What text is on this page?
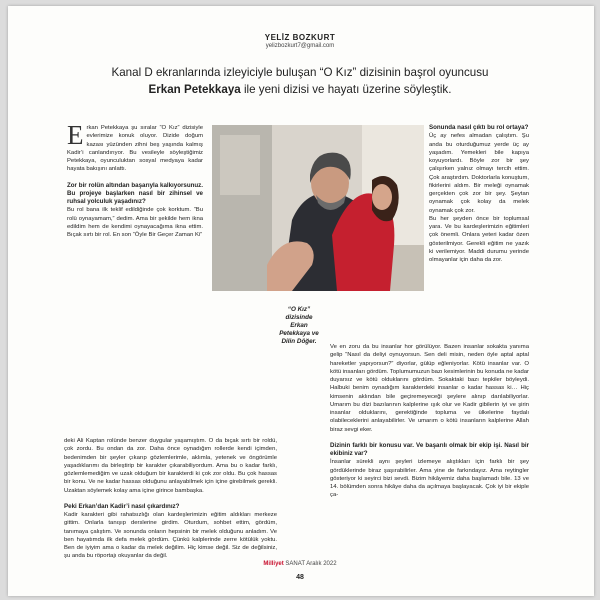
YELİZ BOZKURT
yelizbozkurt7@gmail.com
Kanal D ekranlarında izleyiciyle buluşan “O Kız” dizisinin başrol oyuncusu
Erkan Petekkaya ile yeni dizisi ve hayatı üzerine söyleştik.

Erkan Petekkaya şu sıralar “O Kız” dizisiyle evlerimize konuk oluyor. Dizide doğum kazası yüzünden zihni beş yaşında kalmış Kadir’i canlandırıyor. Bu vesileyle söyleştiğimiz Petekkaya, oyunculuktan sosyal medyaya kadar hayata bakışını anlattı.

Zor bir rolün altından başarıyla kalkıyorsunuz. Bu projeye başlarken nasıl bir zihinsel ve ruhsal yolculuk yaşadınız?

Bu rol bana ilk teklif edildiğinde çok korktum. “Bu rolü oynayamam,” dedim. Ama bir şekilde hem ikna edildim hem de kendimi oynayacağıma ikna ettim. Bıçak sırtı bir rol. En son “Öyle Bir Geçer Zaman Ki”

“O Kız”
dizisinde
Erkan
Petekkaya ve
Dilin Döğer.

deki Ali Kaptan rolünde benzer duygular yaşamıştım. O da bıçak sırtı bir roldü, çok zordu. Bu ondan da zor. Daha önce oynadığım rollerde kendi içimden, bedenimden bir şeyler çıkarıp gözlemlerimle, aklımla, yetenek ve öngörümle yaşadıklarımı da birleştirip bir karakter çıkarabiliyordum. Ama bu o kadar farklı, gözlemlemediğim ve uzak olduğum bir karakterdi ki çok zor oldu. Bu çok hassas bir konu. Ve ne kadar hassas olduğunu anlayabilmek için içine girebilmek gerekli. Uzaktan söylemek kolay ama içine girince bambaşka.

Peki Erkan’dan Kadir’i nasıl çıkardınız?

Kadir karakteri gibi rahatsızlığı olan kardeşlerimizin eğitim aldıkları merkeze gittim. Onlarla tanışıp derslerine girdim. Oturdum, sohbet ettim, gördüm, tanımaya çalıştım. Ve sonunda onların hepsinin bir melek olduğunu anladım. Ve ben hayatımda ilk defa melek gördüm. Çünkü kalplerinde zerre kötülük yoktu. Ben de iyiyim ama o kadar da melek değilim. Hiç kimse değil. Siz de değilsiniz, şu anda bu röportajı okuyanlar da değil.

Sonunda nasıl çıktı bu rol ortaya?

Üç ay nefes almadan çalıştım. Şu anda bu oturduğumuz yerde üç ay yaşadım. Yemekleri bile kapıya koyuyorlardı. Böyle zor bir şey çalışırken yalnız olmayı tercih ettim. Çok araştırdım. Doktorlarla konuştum, fikirlerini aldım. Bir meleği oynamak gerçekten çok zor bir şey. Şeytan oynamak çok kolay da melek oynamak çok zor.

Bu her şeyden önce bir toplumsal yara. Ve bu kardeşlerimizin eğitimleri çok önemli. Onlara yeteri kadar özen gösterilmiyor. Gerekli eğitim ne yazık ki verilemiyor. Maddi durumu yerinde olmayanlar için daha da zor.

Ve en zoru da bu insanlar hor görülüyor. Bazen insanlar sokakta yanıma gelip “Nasıl da deliyi oynuyorsun. Sen deli misin, neden öyle aptal aptal hareketler yapıyorsun?” diyorlar, gülüp eğleniyorlar. Kötü insanlar var. O kötü insanları gördüm. Toplumumuzun bazı kesimlerinin bu konuda ne kadar duyarsız ve kötü olduklarını gördüm. Sokaktaki bazı tepkiler böyleydi. Halbuki benim oynadığım karakterdeki insanlar o kadar hassas ki… Hiç kimsenin aklından bile geçiremeyeceği şeylere alınıp darılabiliyorlar. Umarım bu dizi bazılarının kalplerine ışık olur ve Kadir gibilerin iyi ve şirin insanlar olduklarını, gerektiğinde topluma ve ülkelerine faydalı olabileceklerini anlayabilirler. Ve umarım o kötü insanların kalplerine Allah biraz sevgi eker.

Dizinin farklı bir konusu var. Ve başarılı olmak bir ekip işi. Nasıl bir ekibiniz var?

İnsanlar sürekli aynı şeyleri izlemeye alıştıkları için farklı bir şey gördüklerinde biraz şaşırabilirler. Ama yine de farkındayız. Ama reytingler gösteriyor ki seyirci bizi sevdi. Bizim hikâyemiz daha başlamadı bile. 13 ve 14. bölümden sonra hikâye daha da açılmaya başlayacak. Çok iyi bir ekiple ça-

Milliyet SANAT Aralık 2022
48
